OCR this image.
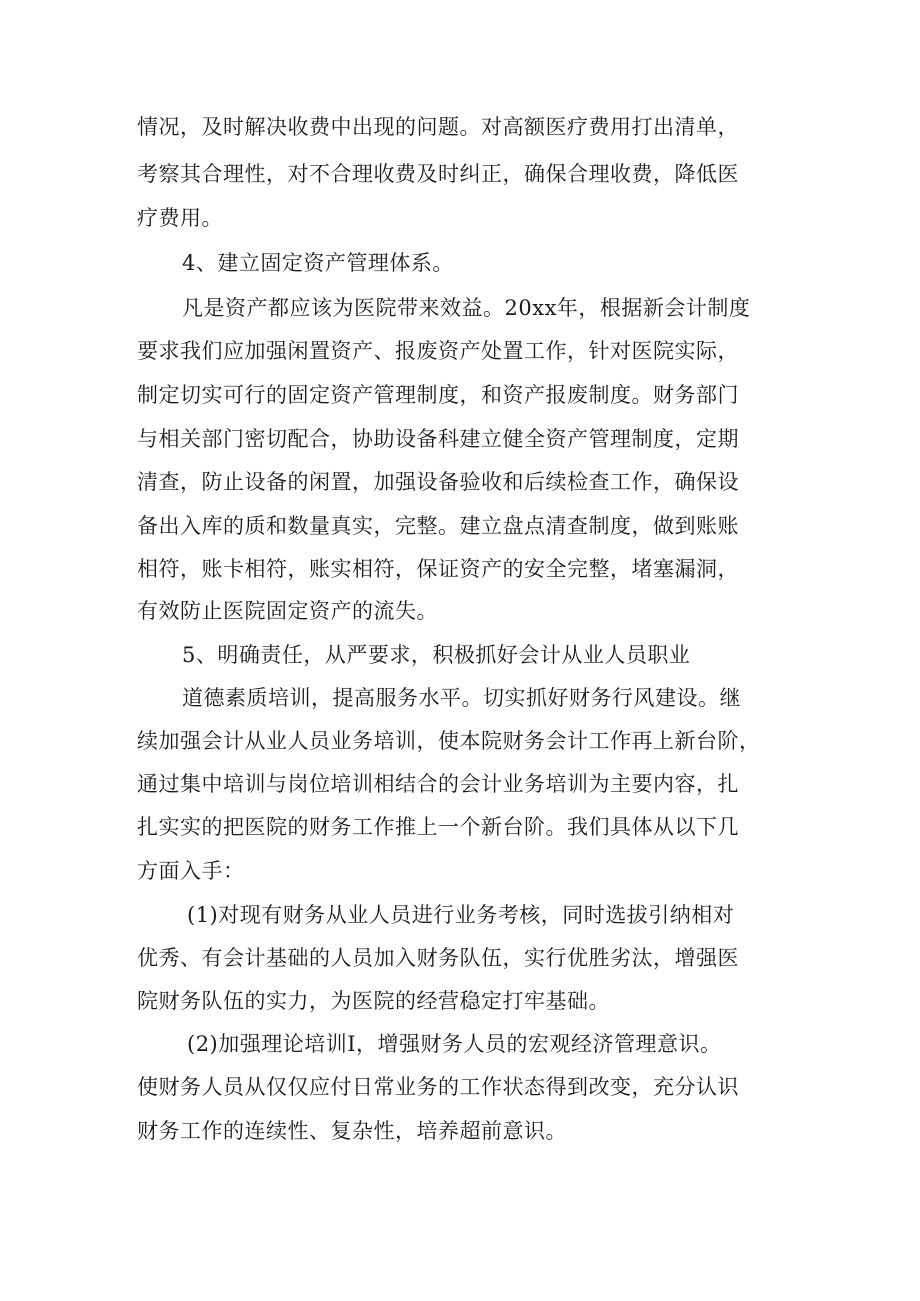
情况，及时解决收费中出现的问题。对高额医疗费用打出清单，
考察其合理性，对不合理收费及时纠正，确保合理收费，降低医
疗费用。
4、建立固定资产管理体系。
凡是资产都应该为医院带来效益。20xx年，根据新会计制度
要求我们应加强闲置资产、报废资产处置工作，针对医院实际，
制定切实可行的固定资产管理制度，和资产报废制度。财务部门
与相关部门密切配合，协助设备科建立健全资产管理制度，定期
清查，防止设备的闲置，加强设备验收和后续检查工作，确保设
备出入库的质和数量真实，完整。建立盘点清查制度，做到账账
相符，账卡相符，账实相符，保证资产的安全完整，堵塞漏洞，
有效防止医院固定资产的流失。
5、明确责任，从严要求，积极抓好会计从业人员职业
道德素质培训，提高服务水平。切实抓好财务行风建设。继
续加强会计从业人员业务培训，使本院财务会计工作再上新台阶，
通过集中培训与岗位培训相结合的会计业务培训为主要内容，扎
扎实实的把医院的财务工作推上一个新台阶。我们具体从以下几
方面入手：
(1)对现有财务从业人员进行业务考核，同时选拔引纳相对
优秀、有会计基础的人员加入财务队伍，实行优胜劣汰，增强医
院财务队伍的实力，为医院的经营稳定打牢基础。
(2)加强理论培训I，增强财务人员的宏观经济管理意识。
使财务人员从仅仅应付日常业务的工作状态得到改变，充分认识
财务工作的连续性、复杂性，培养超前意识。
